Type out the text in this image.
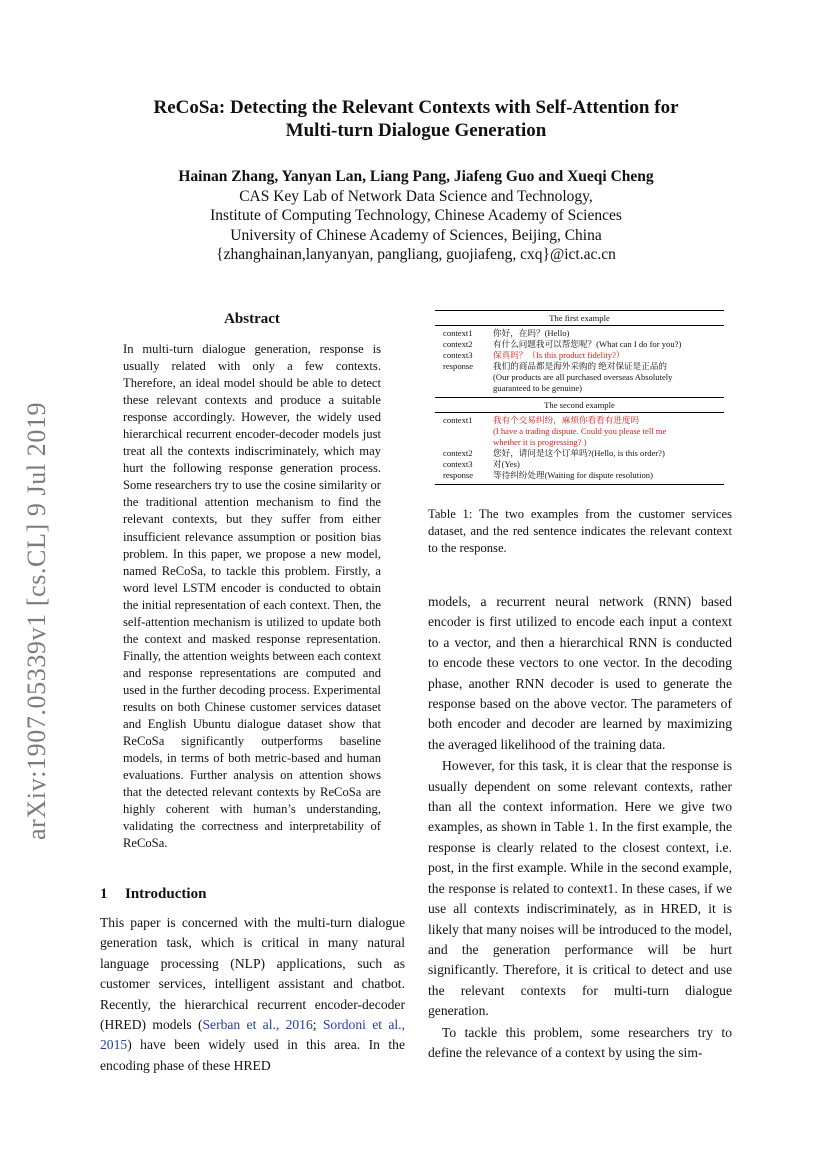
ReCoSa: Detecting the Relevant Contexts with Self-Attention for
Multi-turn Dialogue Generation
Hainan Zhang, Yanyan Lan, Liang Pang, Jiafeng Guo and Xueqi Cheng
CAS Key Lab of Network Data Science and Technology,
Institute of Computing Technology, Chinese Academy of Sciences
University of Chinese Academy of Sciences, Beijing, China
{zhanghainan,lanyanyan, pangliang, guojiafeng, cxq}@ict.ac.cn
arXiv:1907.05339v1 [cs.CL] 9 Jul 2019
Abstract
In multi-turn dialogue generation, response is usually related with only a few contexts. Therefore, an ideal model should be able to detect these relevant contexts and produce a suitable response accordingly. However, the widely used hierarchical recurrent encoder-decoder models just treat all the contexts indiscriminately, which may hurt the following response generation process. Some researchers try to use the cosine similarity or the traditional attention mechanism to find the relevant contexts, but they suffer from either insufficient relevance assumption or position bias problem. In this paper, we propose a new model, named ReCoSa, to tackle this problem. Firstly, a word level LSTM encoder is conducted to obtain the initial representation of each context. Then, the self-attention mechanism is utilized to update both the context and masked response representation. Finally, the attention weights between each context and response representations are computed and used in the further decoding process. Experimental results on both Chinese customer services dataset and English Ubuntu dialogue dataset show that ReCoSa significantly outperforms baseline models, in terms of both metric-based and human evaluations. Further analysis on attention shows that the detected relevant contexts by ReCoSa are highly coherent with human’s understanding, validating the correctness and interpretability of ReCoSa.
1 Introduction
This paper is concerned with the multi-turn dialogue generation task, which is critical in many natural language processing (NLP) applications, such as customer services, intelligent assistant and chatbot. Recently, the hierarchical recurrent encoder-decoder (HRED) models (Serban et al., 2016; Sordoni et al., 2015) have been widely used in this area. In the encoding phase of these HRED
The first example
context1	你好，在吗？(Hello)
context2	有什么问题我可以帮您呢？(What can I do for you?)
context3	保真吗？（Is this product fidelity?）
response	我们的商品都是海外采购的 绝对保证是正品的
(Our products are all purchased overseas Absolutely
guaranteed to be genuine)
The second example
context1	我有个交易纠纷，麻烦你看看有进度吗
(I have a trading dispute. Could you please tell me
whether it is progressing? )
context2	您好，请问是这个订单吗?(Hello, is this order?)
context3	对(Yes)
response	等待纠纷处理(Waiting for dispute resolution)
Table 1: The two examples from the customer services dataset, and the red sentence indicates the relevant context to the response.

models, a recurrent neural network (RNN) based encoder is first utilized to encode each input a context to a vector, and then a hierarchical RNN is conducted to encode these vectors to one vector. In the decoding phase, another RNN decoder is used to generate the response based on the above vector. The parameters of both encoder and decoder are learned by maximizing the averaged likelihood of the training data.

However, for this task, it is clear that the response is usually dependent on some relevant contexts, rather than all the context information. Here we give two examples, as shown in Table 1. In the first example, the response is clearly related to the closest context, i.e. post, in the first example. While in the second example, the response is related to context1. In these cases, if we use all contexts indiscriminately, as in HRED, it is likely that many noises will be introduced to the model, and the generation performance will be hurt significantly. Therefore, it is critical to detect and use the relevant contexts for multi-turn dialogue generation.

To tackle this problem, some researchers try to define the relevance of a context by using the sim-
